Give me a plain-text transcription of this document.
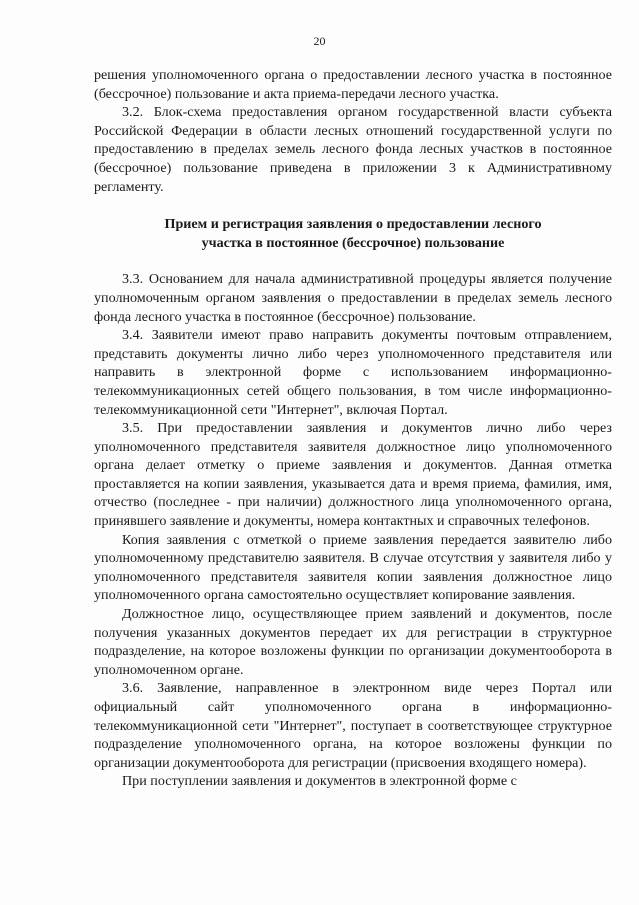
20

решения уполномоченного органа о предоставлении лесного участка в постоянное (бессрочное) пользование и акта приема-передачи лесного участка.

3.2. Блок-схема предоставления органом государственной власти субъекта Российской Федерации в области лесных отношений государственной услуги по предоставлению в пределах земель лесного фонда лесных участков в постоянное (бессрочное) пользование приведена в приложении 3 к Административному регламенту.

Прием и регистрация заявления о предоставлении лесного участка в постоянное (бессрочное) пользование

3.3. Основанием для начала административной процедуры является получение уполномоченным органом заявления о предоставлении в пределах земель лесного фонда лесного участка в постоянное (бессрочное) пользование.

3.4. Заявители имеют право направить документы почтовым отправлением, представить документы лично либо через уполномоченного представителя или направить в электронной форме с использованием информационно-телекоммуникационных сетей общего пользования, в том числе информационно-телекоммуникационной сети "Интернет", включая Портал.

3.5. При предоставлении заявления и документов лично либо через уполномоченного представителя заявителя должностное лицо уполномоченного органа делает отметку о приеме заявления и документов. Данная отметка проставляется на копии заявления, указывается дата и время приема, фамилия, имя, отчество (последнее - при наличии) должностного лица уполномоченного органа, принявшего заявление и документы, номера контактных и справочных телефонов.

Копия заявления с отметкой о приеме заявления передается заявителю либо уполномоченному представителю заявителя. В случае отсутствия у заявителя либо у уполномоченного представителя заявителя копии заявления должностное лицо уполномоченного органа самостоятельно осуществляет копирование заявления.

Должностное лицо, осуществляющее прием заявлений и документов, после получения указанных документов передает их для регистрации в структурное подразделение, на которое возложены функции по организации документооборота в уполномоченном органе.

3.6. Заявление, направленное в электронном виде через Портал или официальный сайт уполномоченного органа в информационно-телекоммуникационной сети "Интернет", поступает в соответствующее структурное подразделение уполномоченного органа, на которое возложены функции по организации документооборота для регистрации (присвоения входящего номера).

При поступлении заявления и документов в электронной форме с
